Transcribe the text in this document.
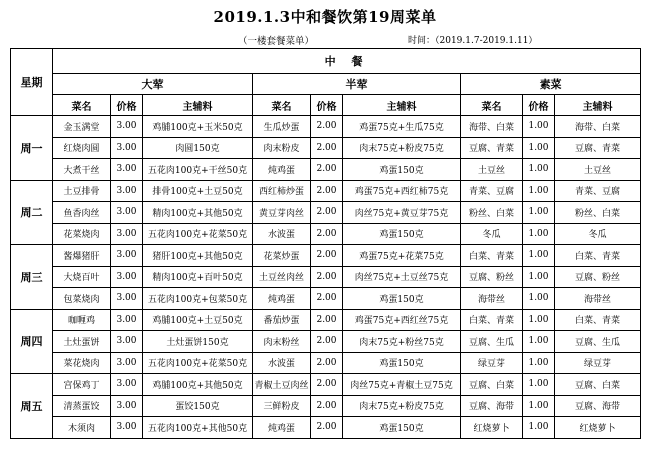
2019.1.3中和餐饮第19周菜单
（一楼套餐菜单）	时间：（2019.1.7-2019.1.11）
星期	中 餐								
	大荤			半荤			素菜		
	菜名	价格	主辅料	菜名	价格	主辅料	菜名	价格	主辅料
周一	金玉满堂	3.00	鸡脯100克+玉米50克	生瓜炒蛋	2.00	鸡蛋75克+生瓜75克	海带、白菜	1.00	海带、白菜
	红烧肉圆	3.00	肉圆150克	肉末粉皮	2.00	肉末75克+粉皮75克	豆腐、青菜	1.00	豆腐、青菜
	大煮干丝	3.00	五花肉100克+干丝50克	炖鸡蛋	2.00	鸡蛋150克	土豆丝	1.00	土豆丝
周二	土豆排骨	3.00	排骨100克+土豆50克	西红柿炒蛋	2.00	鸡蛋75克+西红柿75克	青菜、豆腐	1.00	青菜、豆腐
	鱼香肉丝	3.00	精肉100克+其他50克	黄豆芽肉丝	2.00	肉丝75克+黄豆芽75克	粉丝、白菜	1.00	粉丝、白菜
	花菜烧肉	3.00	五花肉100克+花菜50克	水波蛋	2.00	鸡蛋150克	冬瓜	1.00	冬瓜
周三	酱爆猪肝	3.00	猪肝100克+其他50克	花菜炒蛋	2.00	鸡蛋75克+花菜75克	白菜、青菜	1.00	白菜、青菜
	大烧百叶	3.00	精肉100克+百叶50克	土豆丝肉丝	2.00	肉丝75克+土豆丝75克	豆腐、粉丝	1.00	豆腐、粉丝
	包菜烧肉	3.00	五花肉100克+包菜50克	炖鸡蛋	2.00	鸡蛋150克	海带丝	1.00	海带丝
周四	咖喱鸡	3.00	鸡脯100克+土豆50克	番茄炒蛋	2.00	鸡蛋75克+西红丝75克	白菜、青菜	1.00	白菜、青菜
	土灶蛋饼	3.00	土灶蛋饼150克	肉末粉丝	2.00	肉末75克+粉丝75克	豆腐、生瓜	1.00	豆腐、生瓜
	菜花烧肉	3.00	五花肉100克+花菜50克	水波蛋	2.00	鸡蛋150克	绿豆芽	1.00	绿豆芽
周五	宫保鸡丁	3.00	鸡脯100克+其他50克	青椒土豆肉丝	2.00	肉丝75克+青椒土豆75克	豆腐、白菜	1.00	豆腐、白菜
	清蒸蛋饺	3.00	蛋饺150克	三鲜粉皮	2.00	肉末75克+粉皮75克	豆腐、海带	1.00	豆腐、海带
	木须肉	3.00	五花肉100克+其他50克	炖鸡蛋	2.00	鸡蛋150克	红烧萝卜	1.00	红烧萝卜
